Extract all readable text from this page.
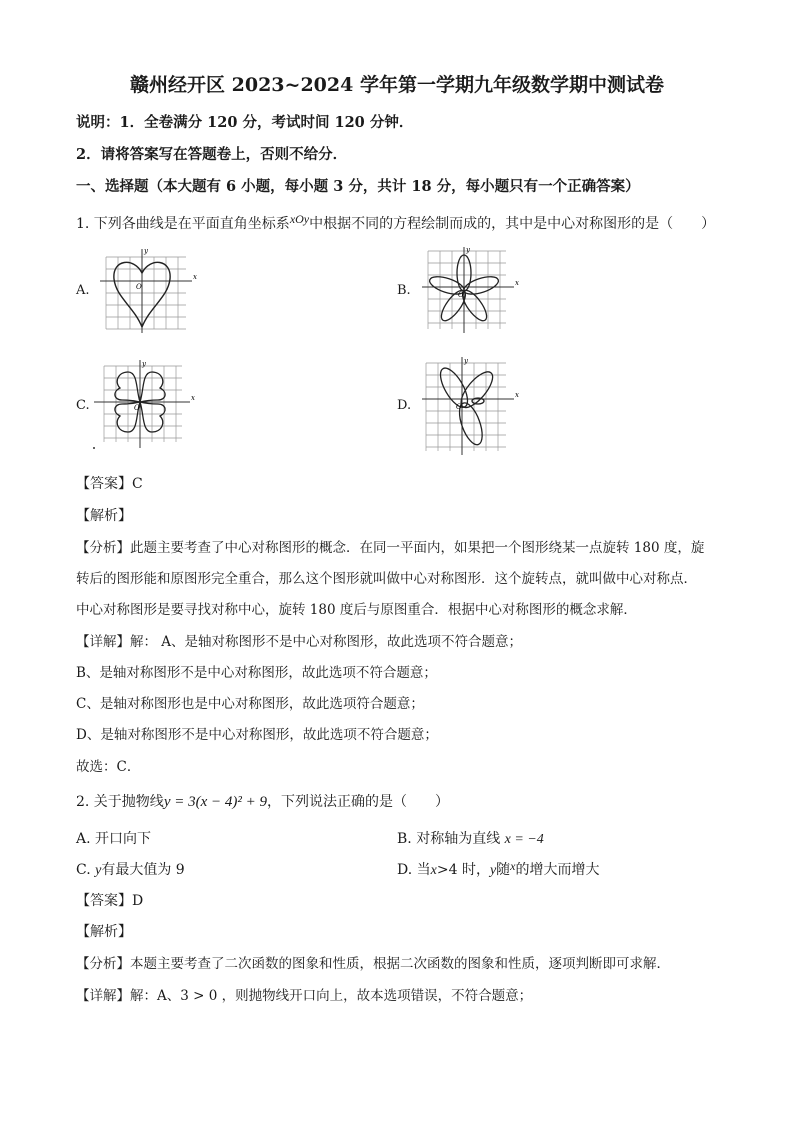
赣州经开区 2023~2024 学年第一学期九年级数学期中测试卷
说明：1．全卷满分 120 分，考试时间 120 分钟．
2．请将答案写在答题卷上，否则不给分．
一、选择题（本大题有 6 小题，每小题 3 分，共计 18 分，每小题只有一个正确答案）
1. 下列各曲线是在平面直角坐标系xOy中根据不同的方程绘制而成的，其中是中心对称图形的是（　　）
A.	B.
C.	D.
x
y
O	x
y
O
x
y
O
x
y
O
【答案】C
【解析】
【分析】此题主要考查了中心对称图形的概念．在同一平面内，如果把一个图形绕某一点旋转 180 度，旋
转后的图形能和原图形完全重合，那么这个图形就叫做中心对称图形．这个旋转点，就叫做中心对称点．
中心对称图形是要寻找对称中心，旋转 180 度后与原图重合．根据中心对称图形的概念求解．
【详解】解： A、是轴对称图形不是中心对称图形，故此选项不符合题意；
B、是轴对称图形不是中心对称图形，故此选项不符合题意；
C、是轴对称图形也是中心对称图形，故此选项符合题意；
D、是轴对称图形不是中心对称图形，故此选项不符合题意；
故选：C．
2. 关于抛物线y = 3(x − 4)² + 9，下列说法正确的是（　　）
A. 开口向下	B. 对称轴为直线 x = −4
C. y有最大值为 9	D. 当x>4 时，y随x的增大而增大
【答案】D
【解析】
【分析】本题主要考查了二次函数的图象和性质，根据二次函数的图象和性质，逐项判断即可求解．
【详解】解：A、3 > 0 ，则抛物线开口向上，故本选项错误，不符合题意；
